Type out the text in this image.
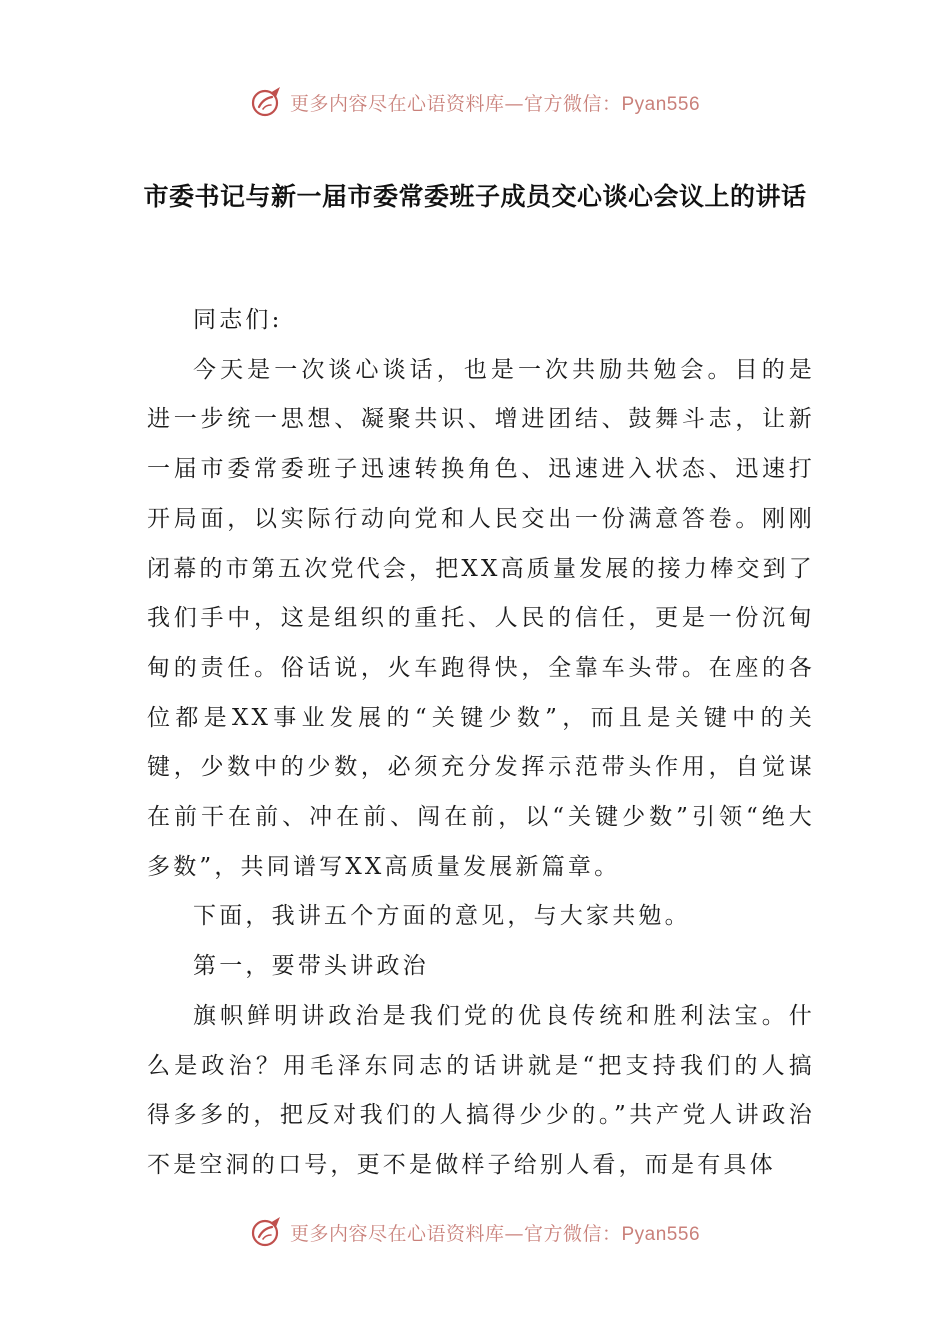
更多内容尽在心语资料库—官方微信：Pyan556
市委书记与新一届市委常委班子成员交心谈心会议上的讲话

同志们:

今天是一次谈心谈话，也是一次共励共勉会。目的是进一步统一思想、凝聚共识、增进团结、鼓舞斗志，让新一届市委常委班子迅速转换角色、迅速进入状态、迅速打开局面，以实际行动向党和人民交出一份满意答卷。刚刚闭幕的市第五次党代会，把XX高质量发展的接力棒交到了我们手中，这是组织的重托、人民的信任，更是一份沉甸甸的责任。俗话说，火车跑得快，全靠车头带。在座的各位都是XX事业发展的“关键少数”，而且是关键中的关键，少数中的少数，必须充分发挥示范带头作用，自觉谋在前干在前、冲在前、闯在前，以“关键少数”引领“绝大多数”，共同谱写XX高质量发展新篇章。

下面，我讲五个方面的意见，与大家共勉。

第一，要带头讲政治

旗帜鲜明讲政治是我们党的优良传统和胜利法宝。什么是政治？用毛泽东同志的话讲就是“把支持我们的人搞得多多的，把反对我们的人搞得少少的。”共产党人讲政治不是空洞的口号，更不是做样子给别人看，而是有具体

更多内容尽在心语资料库—官方微信：Pyan556
